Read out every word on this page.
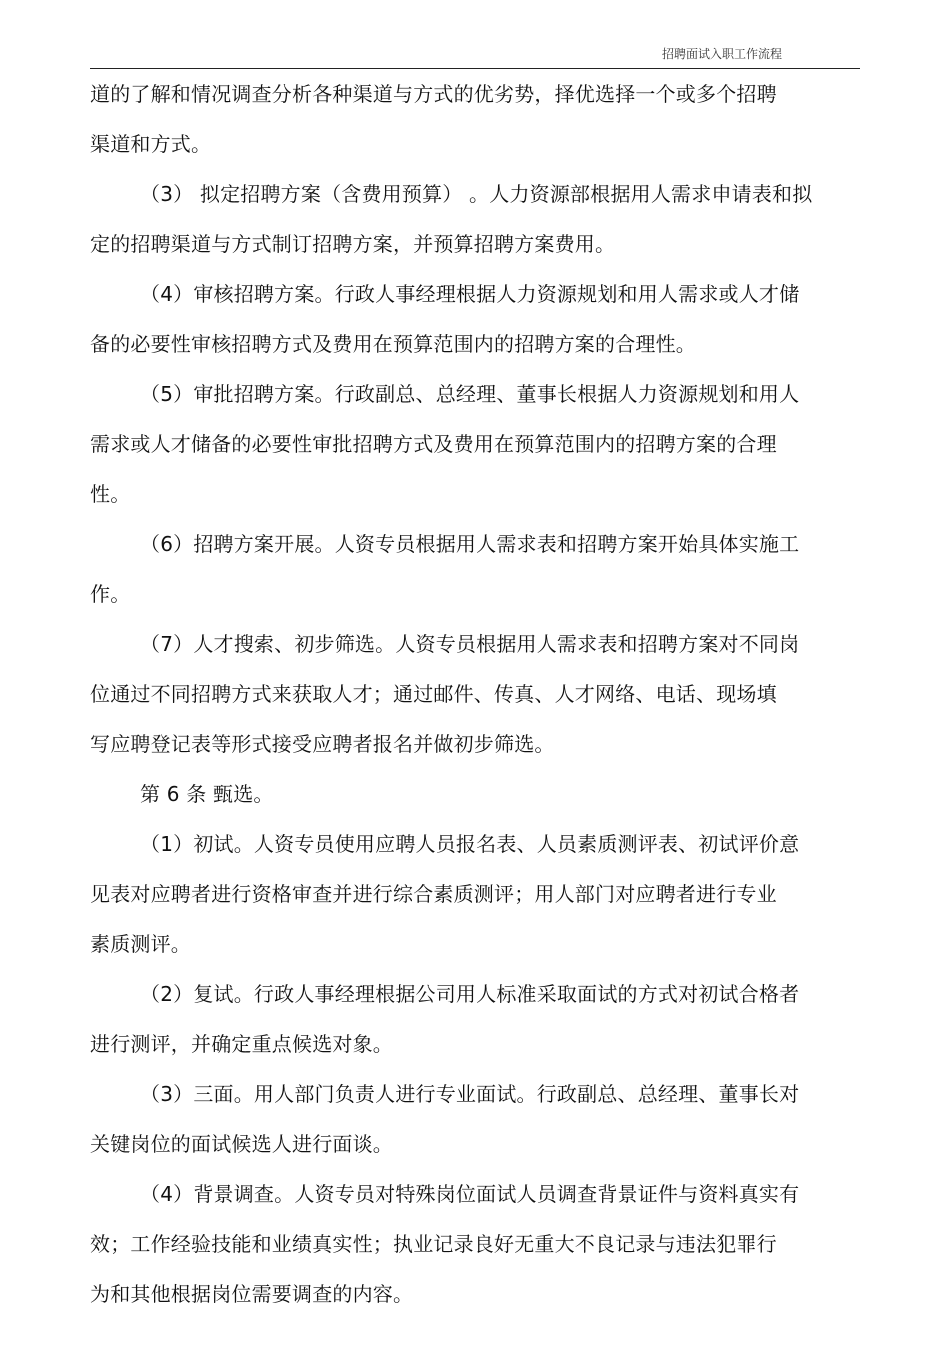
招聘面试入职工作流程
道的了解和情况调查分析各种渠道与方式的优劣势，择优选择一个或多个招聘
渠道和方式。
（3） 拟定招聘方案（含费用预算） 。人力资源部根据用人需求申请表和拟
定的招聘渠道与方式制订招聘方案，并预算招聘方案费用。
（4）审核招聘方案。行政人事经理根据人力资源规划和用人需求或人才储
备的必要性审核招聘方式及费用在预算范围内的招聘方案的合理性。
（5）审批招聘方案。行政副总、总经理、董事长根据人力资源规划和用人
需求或人才储备的必要性审批招聘方式及费用在预算范围内的招聘方案的合理
性。
（6）招聘方案开展。人资专员根据用人需求表和招聘方案开始具体实施工
作。
（7）人才搜索、初步筛选。人资专员根据用人需求表和招聘方案对不同岗
位通过不同招聘方式来获取人才；通过邮件、传真、人才网络、电话、现场填
写应聘登记表等形式接受应聘者报名并做初步筛选。
第 6 条 甄选。
（1）初试。人资专员使用应聘人员报名表、人员素质测评表、初试评价意
见表对应聘者进行资格审查并进行综合素质测评；用人部门对应聘者进行专业
素质测评。
（2）复试。行政人事经理根据公司用人标准采取面试的方式对初试合格者
进行测评，并确定重点候选对象。
（3）三面。用人部门负责人进行专业面试。行政副总、总经理、董事长对
关键岗位的面试候选人进行面谈。
（4）背景调查。人资专员对特殊岗位面试人员调查背景证件与资料真实有
效；工作经验技能和业绩真实性；执业记录良好无重大不良记录与违法犯罪行
为和其他根据岗位需要调查的内容。
